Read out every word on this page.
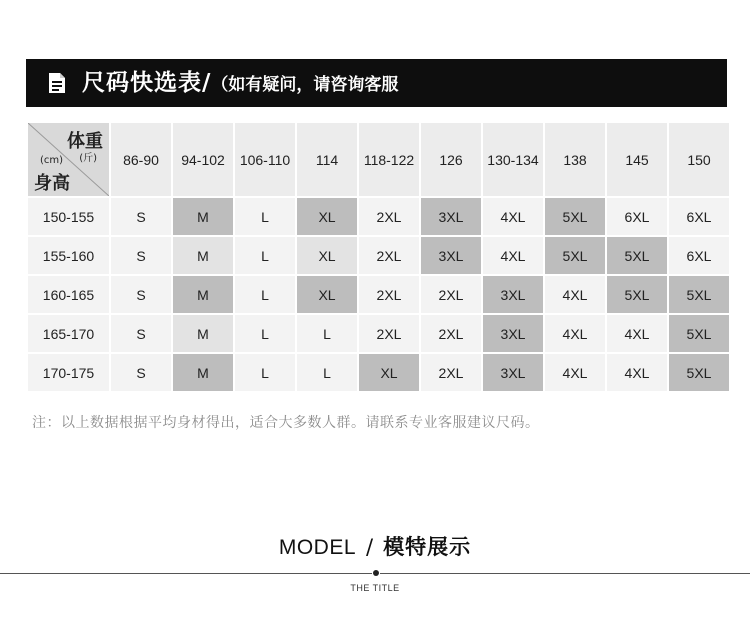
尺码快选表/（如有疑问，请咨询客服
体重
(斤)
(cm)
身高	86-90	94-102	106-110	114	118-122	126	130-134	138	145	150
150-155	S	M	L	XL	2XL	3XL	4XL	5XL	6XL	6XL
155-160	S	M	L	XL	2XL	3XL	4XL	5XL	5XL	6XL
160-165	S	M	L	XL	2XL	2XL	3XL	4XL	5XL	5XL
165-170	S	M	L	L	2XL	2XL	3XL	4XL	4XL	5XL
170-175	S	M	L	L	XL	2XL	3XL	4XL	4XL	5XL
注：以上数据根据平均身材得出，适合大多数人群。请联系专业客服建议尺码。
MODEL / 模特展示
THE TITLE
